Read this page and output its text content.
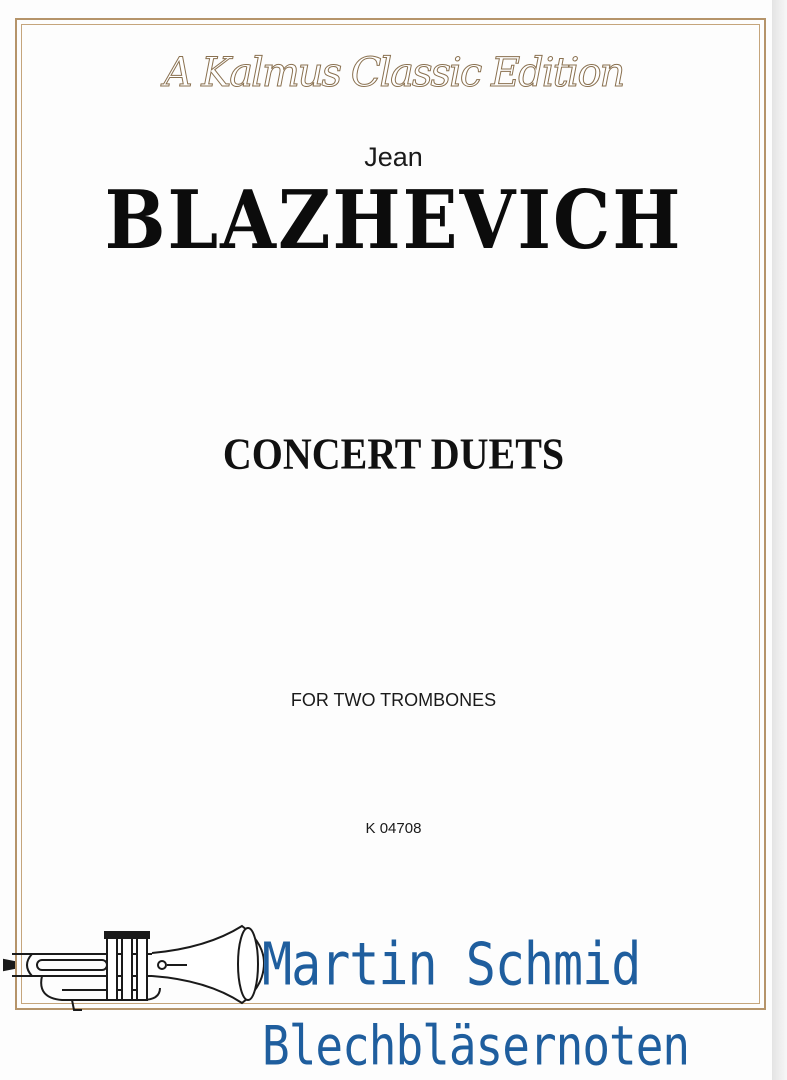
A Kalmus Classic Edition
Jean
BLAZHEVICH
CONCERT DUETS
FOR TWO TROMBONES
K 04708
Martin Schmid
Blechbläsernoten
